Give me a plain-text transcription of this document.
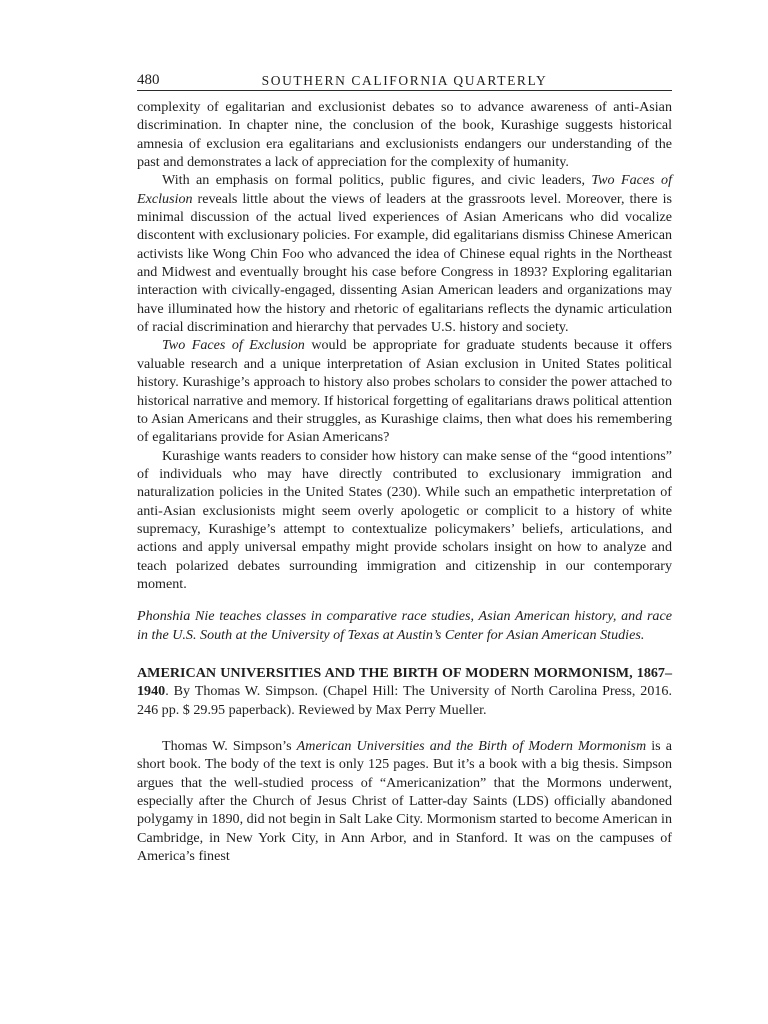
480	SOUTHERN CALIFORNIA QUARTERLY

complexity of egalitarian and exclusionist debates so to advance awareness of anti-Asian discrimination. In chapter nine, the conclusion of the book, Kurashige suggests historical amnesia of exclusion era egalitarians and exclusionists endangers our understanding of the past and demonstrates a lack of appreciation for the complexity of humanity.

With an emphasis on formal politics, public figures, and civic leaders, Two Faces of Exclusion reveals little about the views of leaders at the grassroots level. Moreover, there is minimal discussion of the actual lived experiences of Asian Americans who did vocalize discontent with exclusionary policies. For example, did egalitarians dismiss Chinese American activists like Wong Chin Foo who advanced the idea of Chinese equal rights in the Northeast and Midwest and eventually brought his case before Congress in 1893? Exploring egalitarian interaction with civically-engaged, dissenting Asian American leaders and organizations may have illuminated how the history and rhetoric of egalitarians reflects the dynamic articulation of racial discrimination and hierarchy that pervades U.S. history and society.

Two Faces of Exclusion would be appropriate for graduate students because it offers valuable research and a unique interpretation of Asian exclusion in United States political history. Kurashige’s approach to history also probes scholars to consider the power attached to historical narrative and memory. If historical forgetting of egalitarians draws political attention to Asian Americans and their struggles, as Kurashige claims, then what does his remembering of egalitarians provide for Asian Americans?

Kurashige wants readers to consider how history can make sense of the “good intentions” of individuals who may have directly contributed to exclusionary immigration and naturalization policies in the United States (230). While such an empathetic interpretation of anti-Asian exclusionists might seem overly apologetic or complicit to a history of white supremacy, Kurashige’s attempt to contextualize policymakers’ beliefs, articulations, and actions and apply universal empathy might provide scholars insight on how to analyze and teach polarized debates surrounding immigration and citizenship in our contemporary moment.

Phonshia Nie teaches classes in comparative race studies, Asian American history, and race in the U.S. South at the University of Texas at Austin’s Center for Asian American Studies.

AMERICAN UNIVERSITIES AND THE BIRTH OF MODERN MORMONISM, 1867–1940. By Thomas W. Simpson. (Chapel Hill: The University of North Carolina Press, 2016. 246 pp. $ 29.95 paperback). Reviewed by Max Perry Mueller.

Thomas W. Simpson’s American Universities and the Birth of Modern Mormonism is a short book. The body of the text is only 125 pages. But it’s a book with a big thesis. Simpson argues that the well-studied process of “Americanization” that the Mormons underwent, especially after the Church of Jesus Christ of Latter-day Saints (LDS) officially abandoned polygamy in 1890, did not begin in Salt Lake City. Mormonism started to become American in Cambridge, in New York City, in Ann Arbor, and in Stanford. It was on the campuses of America’s finest
